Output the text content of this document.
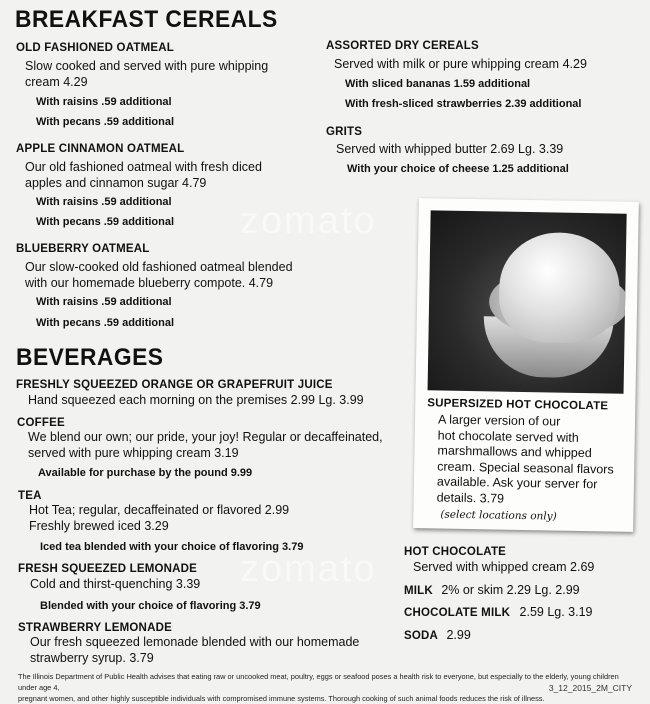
BREAKFAST CEREALS
OLD FASHIONED OATMEAL
Slow cooked and served with pure whipping
cream 4.29
With raisins .59 additional
With pecans .59 additional
APPLE CINNAMON OATMEAL
Our old fashioned oatmeal with fresh diced
apples and cinnamon sugar 4.79
With raisins .59 additional
With pecans .59 additional
BLUEBERRY OATMEAL
Our slow-cooked old fashioned oatmeal blended
with our homemade blueberry compote. 4.79
With raisins .59 additional
With pecans .59 additional
ASSORTED DRY CEREALS
Served with milk or pure whipping cream 4.29
With sliced bananas 1.59 additional
With fresh-sliced strawberries 2.39 additional
GRITS
Served with whipped butter 2.69 Lg. 3.39
With your choice of cheese 1.25 additional
BEVERAGES
FRESHLY SQUEEZED ORANGE OR GRAPEFRUIT JUICE
Hand squeezed each morning on the premises 2.99 Lg. 3.99
COFFEE
We blend our own; our pride, your joy! Regular or decaffeinated,
served with pure whipping cream 3.19
Available for purchase by the pound 9.99
TEA
Hot Tea; regular, decaffeinated or flavored 2.99
Freshly brewed iced 3.29
Iced tea blended with your choice of flavoring 3.79
FRESH SQUEEZED LEMONADE
Cold and thirst-quenching 3.39
Blended with your choice of flavoring 3.79
STRAWBERRY LEMONADE
Our fresh squeezed lemonade blended with our homemade
strawberry syrup. 3.79
SUPERSIZED HOT CHOCOLATE
A larger version of our
hot chocolate served with
marshmallows and whipped
cream. Special seasonal flavors
available. Ask your server for
details. 3.79
(select locations only)
HOT CHOCOLATE
Served with whipped cream 2.69
MILK 2% or skim 2.29 Lg. 2.99
CHOCOLATE MILK 2.59 Lg. 3.19
SODA 2.99
zomato
zomato
The Illinois Department of Public Health advises that eating raw or uncooked meat, poultry, eggs or seafood poses a health risk to everyone, but especially to the elderly, young children under age 4,
pregnant women, and other highly susceptible individuals with compromised immune systems. Thorough cooking of such animal foods reduces the risk of illness.
3_12_2015_2M_CITY
